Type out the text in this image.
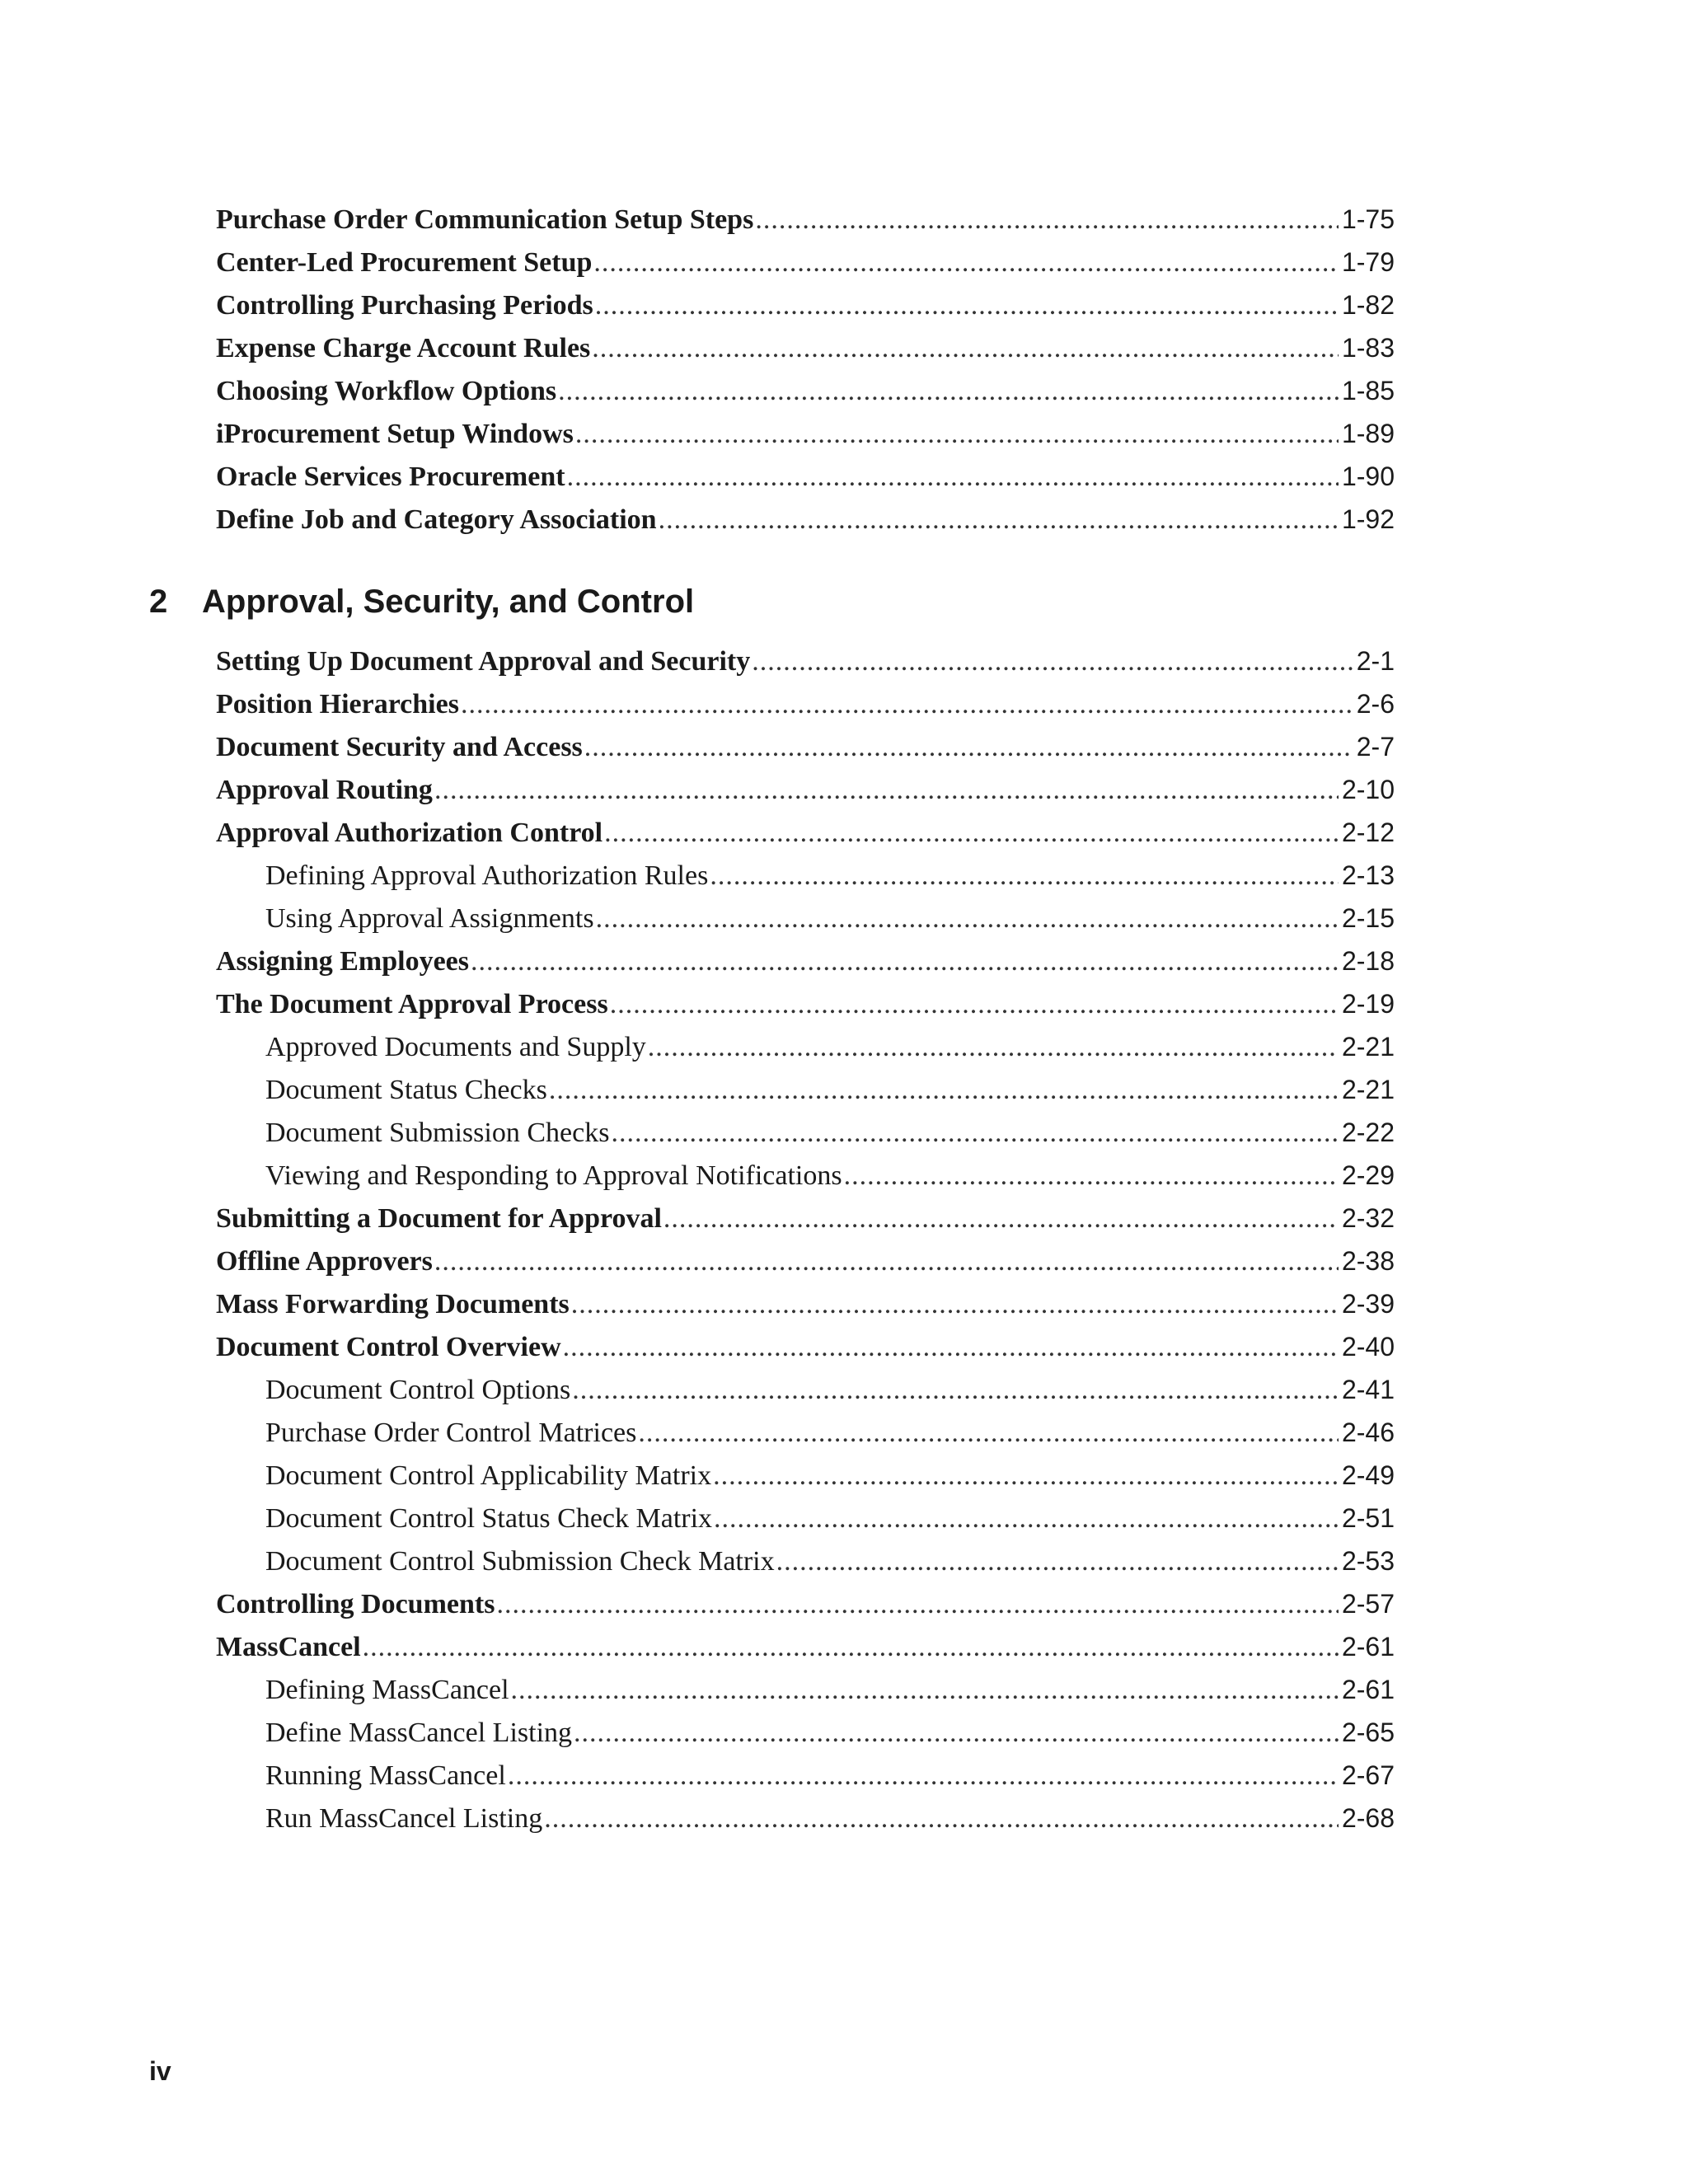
Purchase Order Communication Setup Steps .....	1-75
Center-Led Procurement Setup .....	1-79
Controlling Purchasing Periods .....	1-82
Expense Charge Account Rules .....	1-83
Choosing Workflow Options .....	1-85
iProcurement Setup Windows .....	1-89
Oracle Services Procurement .....	1-90
Define Job and Category Association .....	1-92
2 Approval, Security, and Control
Setting Up Document Approval and Security .....	2-1
Position Hierarchies .....	2-6
Document Security and Access .....	2-7
Approval Routing .....	2-10
Approval Authorization Control .....	2-12
Defining Approval Authorization Rules .....	2-13
Using Approval Assignments .....	2-15
Assigning Employees .....	2-18
The Document Approval Process .....	2-19
Approved Documents and Supply .....	2-21
Document Status Checks .....	2-21
Document Submission Checks .....	2-22
Viewing and Responding to Approval Notifications .....	2-29
Submitting a Document for Approval .....	2-32
Offline Approvers .....	2-38
Mass Forwarding Documents .....	2-39
Document Control Overview .....	2-40
Document Control Options .....	2-41
Purchase Order Control Matrices .....	2-46
Document Control Applicability Matrix .....	2-49
Document Control Status Check Matrix .....	2-51
Document Control Submission Check Matrix .....	2-53
Controlling Documents .....	2-57
MassCancel .....	2-61
Defining MassCancel .....	2-61
Define MassCancel Listing .....	2-65
Running MassCancel .....	2-67
Run MassCancel Listing .....	2-68
iv
